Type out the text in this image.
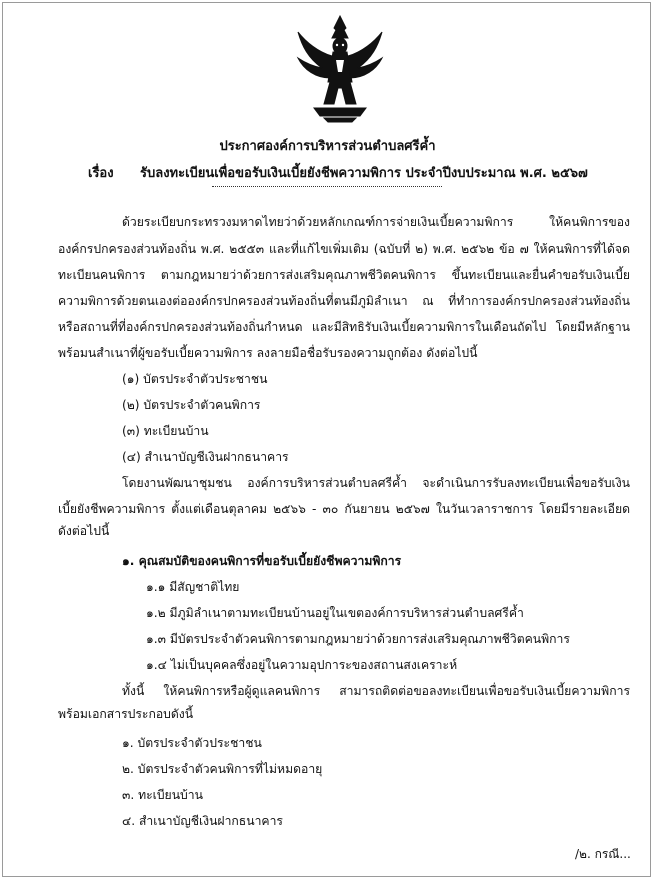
ประกาศองค์การบริหารส่วนตำบลศรีค้ำ
เรื่อง รับลงทะเบียนเพื่อขอรับเงินเบี้ยยังชีพความพิการ ประจำปีงบประมาณ พ.ศ. ๒๕๖๗
ด้วยระเบียบกระทรวงมหาดไทยว่าด้วยหลักเกณฑ์การจ่ายเงินเบี้ยความพิการ ให้คนพิการของ
องค์กรปกครองส่วนท้องถิ่น พ.ศ. ๒๕๕๓ และที่แก้ไขเพิ่มเติม (ฉบับที่ ๒) พ.ศ. ๒๕๖๒ ข้อ ๗ ให้คนพิการที่ได้จด
ทะเบียนคนพิการ ตามกฎหมายว่าด้วยการส่งเสริมคุณภาพชีวิตคนพิการ ขึ้นทะเบียนและยื่นคำขอรับเงินเบี้ย
ความพิการด้วยตนเองต่อองค์กรปกครองส่วนท้องถิ่นที่ตนมีภูมิลำเนา ณ ที่ทำการองค์กรปกครองส่วนท้องถิ่น
หรือสถานที่ที่องค์กรปกครองส่วนท้องถิ่นกำหนด และมีสิทธิรับเงินเบี้ยความพิการในเดือนถัดไป โดยมีหลักฐาน
พร้อมนสำเนาที่ผู้ขอรับเบี้ยความพิการ ลงลายมือชื่อรับรองความถูกต้อง ดังต่อไปนี้
(๑) บัตรประจำตัวประชาชน
(๒) บัตรประจำตัวคนพิการ
(๓) ทะเบียนบ้าน
(๔) สำเนาบัญชีเงินฝากธนาคาร
โดยงานพัฒนาชุมชน องค์การบริหารส่วนตำบลศรีค้ำ จะดำเนินการรับลงทะเบียนเพื่อขอรับเงิน
เบี้ยยังชีพความพิการ ตั้งแต่เดือนตุลาคม ๒๕๖๖ - ๓๐ กันยายน ๒๕๖๗ ในวันเวลาราชการ โดยมีรายละเอียด
ดังต่อไปนี้
๑. คุณสมบัติของคนพิการที่ขอรับเบี้ยยังชีพความพิการ
๑.๑ มีสัญชาติไทย
๑.๒ มีภูมิลำเนาตามทะเบียนบ้านอยู่ในเขตองค์การบริหารส่วนตำบลศรีค้ำ
๑.๓ มีบัตรประจำตัวคนพิการตามกฎหมายว่าด้วยการส่งเสริมคุณภาพชีวิตคนพิการ
๑.๔ ไม่เป็นบุคคลซึ่งอยู่ในความอุปการะของสถานสงเคราะห์
ทั้งนี้ ให้คนพิการหรือผู้ดูแลคนพิการ สามารถติดต่อขอลงทะเบียนเพื่อขอรับเงินเบี้ยความพิการ
พร้อมเอกสารประกอบดังนี้
๑. บัตรประจำตัวประชาชน
๒. บัตรประจำตัวคนพิการที่ไม่หมดอายุ
๓. ทะเบียนบ้าน
๔. สำเนาบัญชีเงินฝากธนาคาร
/๒. กรณี...
